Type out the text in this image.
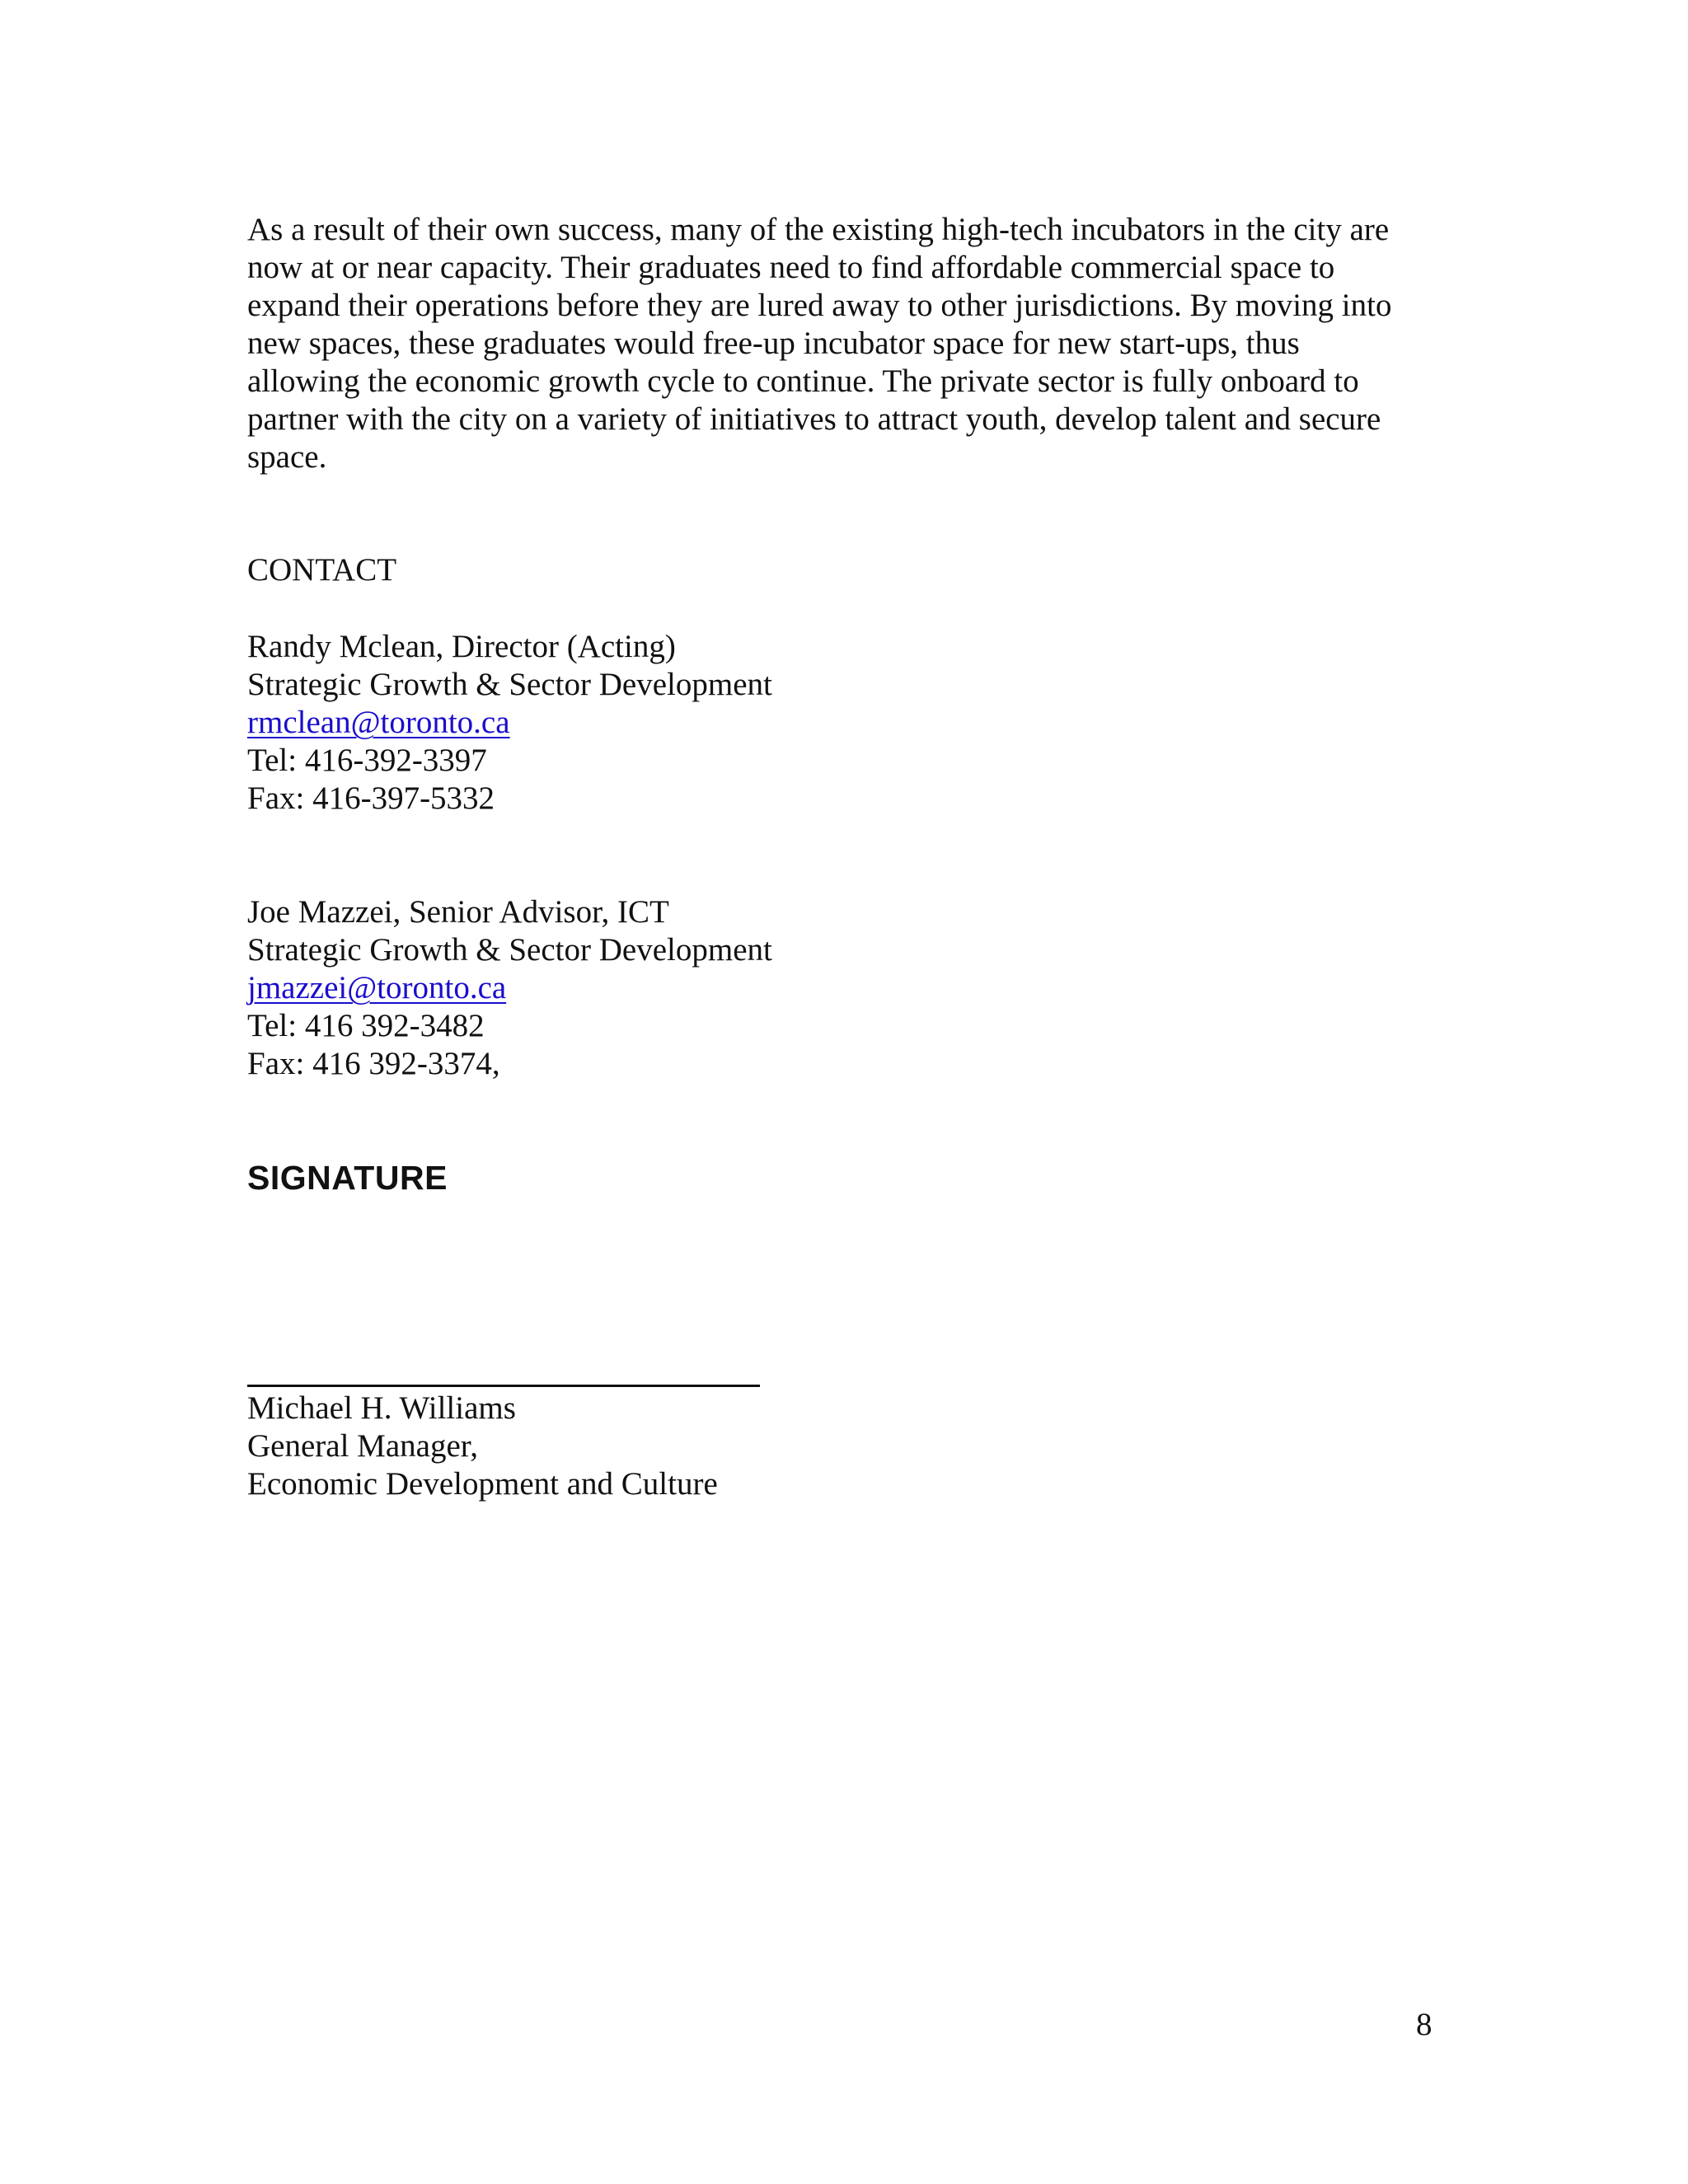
As a result of their own success, many of the existing high-tech incubators in the city are
now at or near capacity. Their graduates need to find affordable commercial space to
expand their operations before they are lured away to other jurisdictions. By moving into
new spaces, these graduates would free-up incubator space for new start-ups, thus
allowing the economic growth cycle to continue. The private sector is fully onboard to
partner with the city on a variety of initiatives to attract youth, develop talent and secure
space.
CONTACT
Randy Mclean, Director (Acting)
Strategic Growth & Sector Development
rmclean@toronto.ca
Tel: 416-392-3397
Fax: 416-397-5332
Joe Mazzei, Senior Advisor, ICT
Strategic Growth & Sector Development
jmazzei@toronto.ca
Tel: 416 392-3482
Fax: 416 392-3374,
SIGNATURE
Michael H. Williams
General Manager,
Economic Development and Culture
8
